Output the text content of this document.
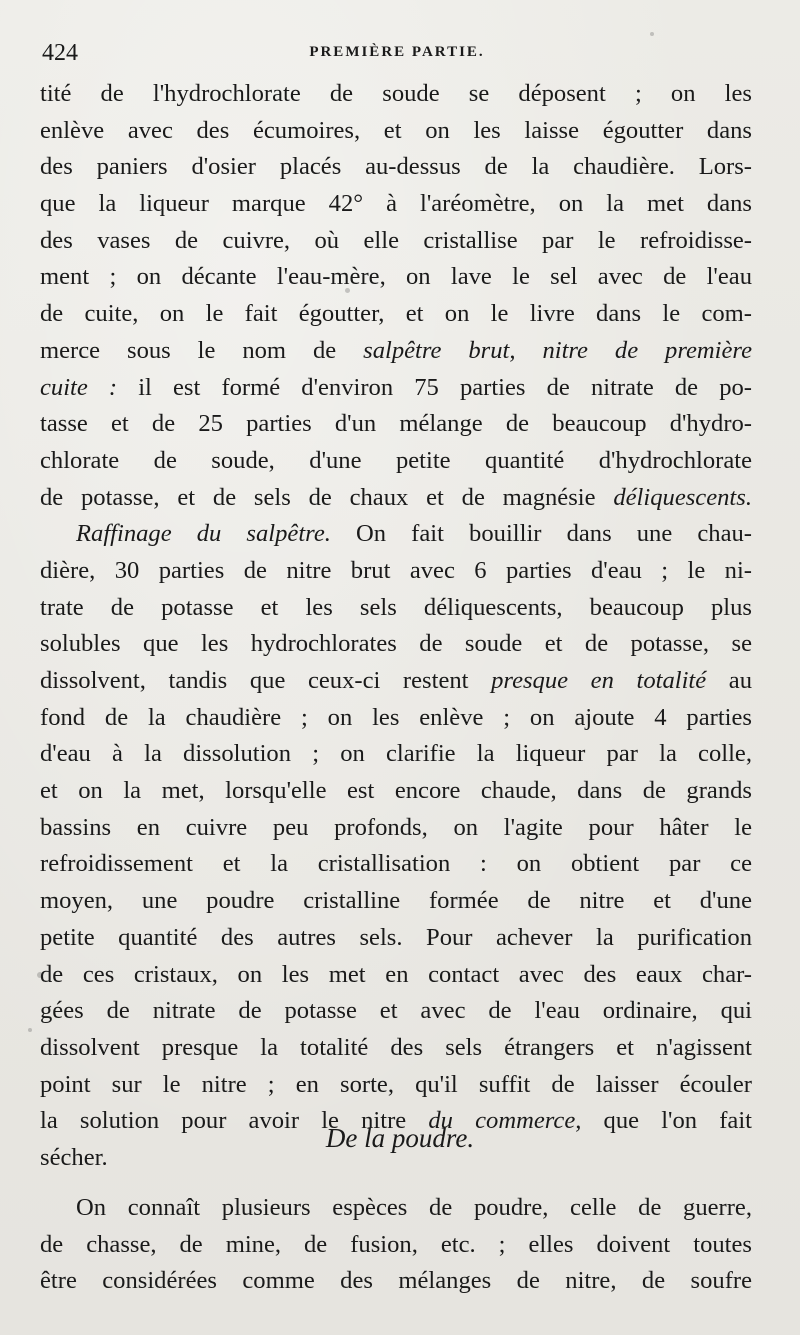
424	PREMIÈRE PARTIE.
tité de l'hydrochlorate de soude se déposent ; on les
enlève avec des écumoires, et on les laisse égoutter dans
des paniers d'osier placés au-dessus de la chaudière. Lors-
que la liqueur marque 42° à l'aréomètre, on la met dans
des vases de cuivre, où elle cristallise par le refroidisse-
ment ; on décante l'eau-mère, on lave le sel avec de l'eau
de cuite, on le fait égoutter, et on le livre dans le com-
merce sous le nom de salpêtre brut, nitre de première
cuite : il est formé d'environ 75 parties de nitrate de po-
tasse et de 25 parties d'un mélange de beaucoup d'hydro-
chlorate de soude, d'une petite quantité d'hydrochlorate
de potasse, et de sels de chaux et de magnésie déliquescents.
Raffinage du salpêtre. On fait bouillir dans une chau-
dière, 30 parties de nitre brut avec 6 parties d'eau ; le ni-
trate de potasse et les sels déliquescents, beaucoup plus
solubles que les hydrochlorates de soude et de potasse, se
dissolvent, tandis que ceux-ci restent presque en totalité au
fond de la chaudière ; on les enlève ; on ajoute 4 parties
d'eau à la dissolution ; on clarifie la liqueur par la colle,
et on la met, lorsqu'elle est encore chaude, dans de grands
bassins en cuivre peu profonds, on l'agite pour hâter le
refroidissement et la cristallisation : on obtient par ce
moyen, une poudre cristalline formée de nitre et d'une
petite quantité des autres sels. Pour achever la purification
de ces cristaux, on les met en contact avec des eaux char-
gées de nitrate de potasse et avec de l'eau ordinaire, qui
dissolvent presque la totalité des sels étrangers et n'agissent
point sur le nitre ; en sorte, qu'il suffit de laisser écouler
la solution pour avoir le nitre du commerce, que l'on fait
sécher.

De la poudre.
On connaît plusieurs espèces de poudre, celle de guerre,
de chasse, de mine, de fusion, etc. ; elles doivent toutes
être considérées comme des mélanges de nitre, de soufre
